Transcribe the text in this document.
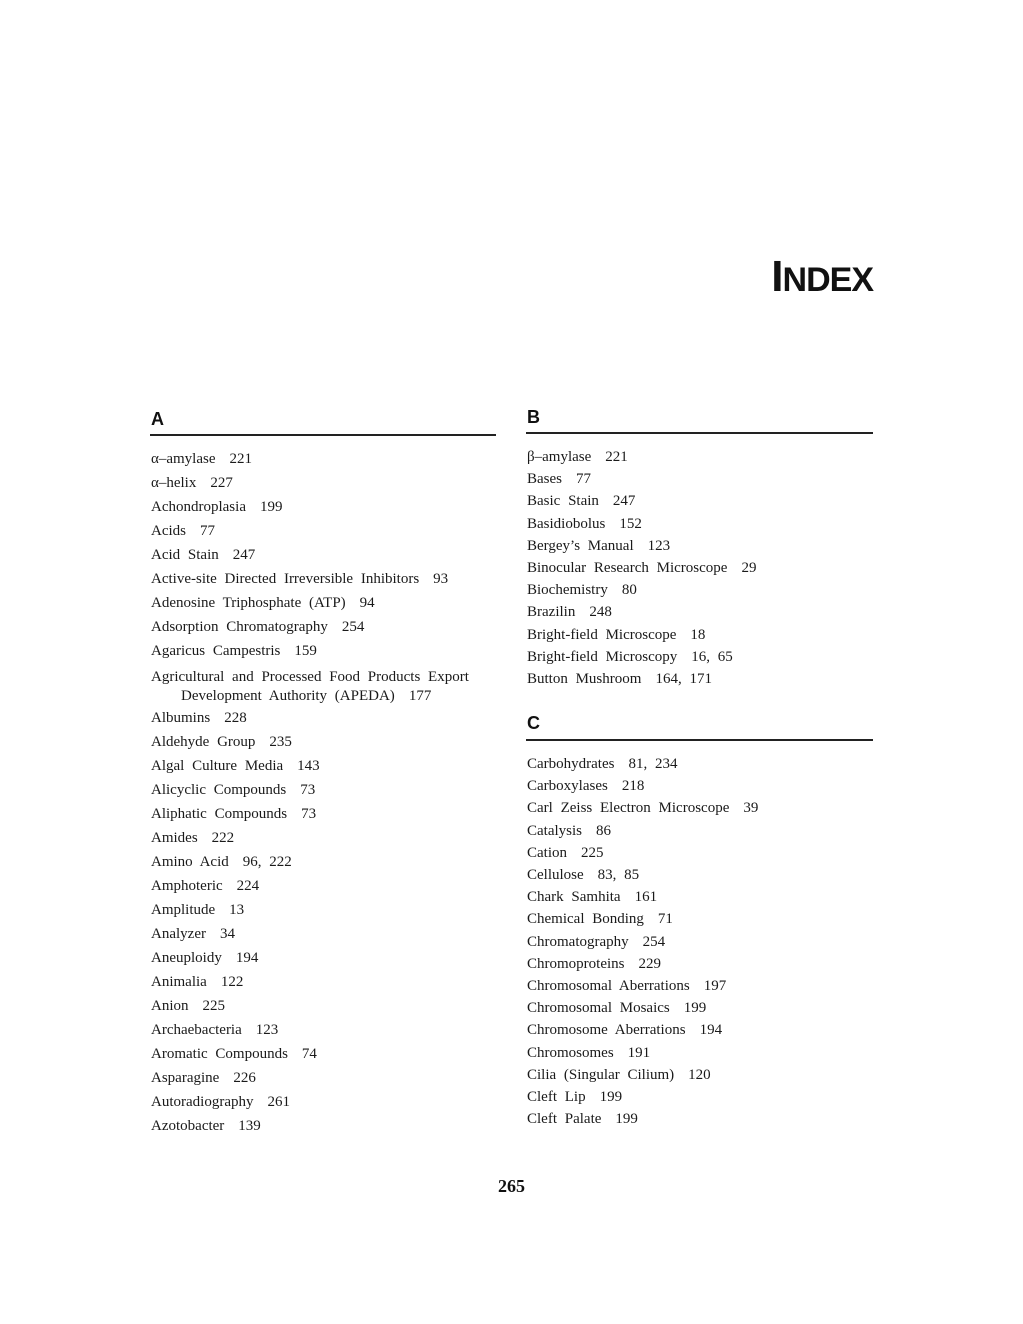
INDEX
A
α–amylase 221
α–helix 227
Achondroplasia 199
Acids 77
Acid Stain 247
Active-site Directed Irreversible Inhibitors 93
Adenosine Triphosphate (ATP) 94
Adsorption Chromatography 254
Agaricus Campestris 159
Agricultural and Processed Food Products Export Development Authority (APEDA) 177
Albumins 228
Aldehyde Group 235
Algal Culture Media 143
Alicyclic Compounds 73
Aliphatic Compounds 73
Amides 222
Amino Acid 96, 222
Amphoteric 224
Amplitude 13
Analyzer 34
Aneuploidy 194
Animalia 122
Anion 225
Archaebacteria 123
Aromatic Compounds 74
Asparagine 226
Autoradiography 261
Azotobacter 139
B
β–amylase 221
Bases 77
Basic Stain 247
Basidiobolus 152
Bergey’s Manual 123
Binocular Research Microscope 29
Biochemistry 80
Brazilin 248
Bright-field Microscope 18
Bright-field Microscopy 16, 65
Button Mushroom 164, 171
C
Carbohydrates 81, 234
Carboxylases 218
Carl Zeiss Electron Microscope 39
Catalysis 86
Cation 225
Cellulose 83, 85
Chark Samhita 161
Chemical Bonding 71
Chromatography 254
Chromoproteins 229
Chromosomal Aberrations 197
Chromosomal Mosaics 199
Chromosome Aberrations 194
Chromosomes 191
Cilia (Singular Cilium) 120
Cleft Lip 199
Cleft Palate 199
265
